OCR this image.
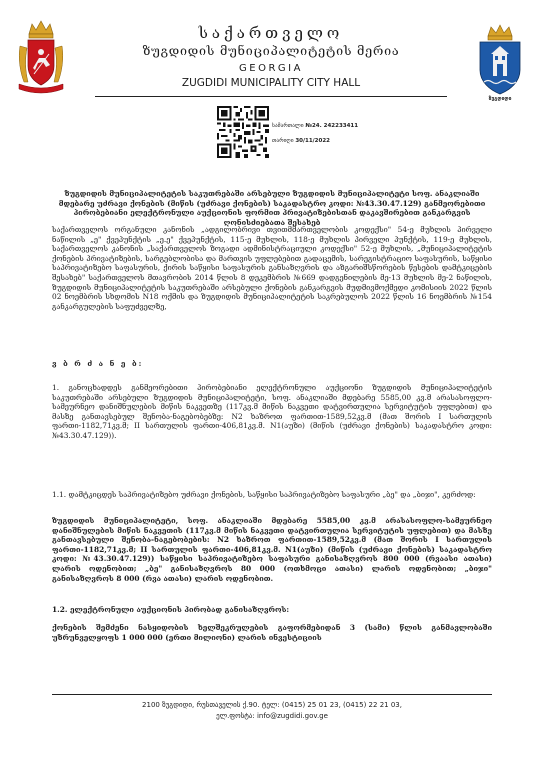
ზუგდიდი
საქართველო
ზუგდიდის მუნიციპალიტეტის მერია
GEORGIA
ZUGDIDI MUNICIPALITY CITY HALL
სამართალი №24. 242233411
თარიღი 30/11/2022

ზუგდიდის მუნიციპალიტეტის საკუთრებაში არსებული ზუგდიდის მუნიციპალიტეტი სოფ. ანაკლიაში მდებარე უძრავი ქონების (მიწის (უძრავი ქონების) საკადასტრო კოდი: №43.30.47.129) განმეორებითი პირობებიანი ელექტრონული აუქციონის ფორმით პრივატიზებისთან დაკავშირებით განკარგვის ღონისძიებათა შესახებ

საქართველოს ორგანული კანონის „ადგილობრივი თვითმმართველობის კოდექსი" 54-ე მუხლის პირველი ნაწილის „ე" ქვეპუნქტის „ე.ე" ქვეპუნქტის, 115-ე მუხლის, 118-ე მუხლის პირველი პუნქტის, 119-ე მუხლის, საქართველოს კანონის „საქართველოს ზოგადი ადმინისტრაციული კოდექსი" 52-ე მუხლის, „მუნიციპალიტეტის ქონების პრივატიზების, სარგებლობისა და მართვის უფლებებით გადაცემის, სარეგისტრაციო საფასურის, საწყისი საპრივატიზებო საფასურის, ქირის საწყისი საფასურის განსაზღვრის და აზგარიშსწორების წესების დამტკიცების შესახებ" საქართველოს მთავრობის 2014 წლის 8 დეკემბრის №669 დადგენილების მე-13 მუხლის მე-2 ნაწილის, ზუგდიდის მუნიციპალიტეტის საკუთრებაში არსებული ქონების განკარგვის მუდმივმოქმედი კომისიის 2022 წლის 02 ნოემბრის სხდომის N18 ოქმის და ზუგდიდის მუნიციპალიტეტის საკრებულოს 2022 წლის 16 ნოემბრის №154 განკარგულების საფუძველზე,

ვ ბ რ ძ ა ნ ე ბ:

1. განოცხადდეს განმეორებითი პირობებიანი ელექტრონული აუქციონი ზუგდიდის მუნიციპალიტეტის საკუთრებაში არსებული ზუგდიდის მუნიციპალიტეტი, სოფ. ანაკლიაში მდებარე 5585,00 კვ.მ არასასოფლო-სამეურნეო დანიშნულების მიწის ნაკვეთზე (117კვ.მ მიწის ნაკვეთი დატვირთულია სერვიტუტის უფლებით) და მასზე განთავსებულ შენობა-ნაგებობებზე: N2 ხაზროთ ფართით-1589,52კვ.მ (მათ შორის I სართულის ფართი-1182,71კვ.მ; II სართულის ფართი-406,81კვ.მ. N1(აუზი) (მიწის (უძრავი ქონების) საკადასტრო კოდი: №43.30.47.129)).

1.1. დამტკიცდეს საპრივატიზებო უძრავი ქონების, საწყისი საპრივატიზებო საფასური „ბე" და „ბიჯი", კერძოდ:

ზუგდიდის მუნიციპალიტეტი, სოფ. ანაკლიაში მდებარე 5585,00 კვ.მ არასასოფლო-სამეურნეო დანიშნულების მიწის ნაკვეთის (117კვ.მ მიწის ნაკვეთი დატვირთულია სერვიტუტის უფლებით) და მასზე განთავსებული შენობა-ნაგებობების: N2 ხაზროთ ფართით-1589,52კვ.მ (მათ შორის I სართულის ფართი-1182,71კვ.მ; II სართულის ფართი-406,81კვ.მ. N1(აუზი) (მიწის (უძრავი ქონების) საკადასტრო კოდი: №43.30.47.129)) საწყისი საპრივატიზებო საფასური განისაზღვროს 800 000 (რვაასი ათასი) ლარის ოდენობით; „ბე" განისაზღვროს 80 000 (ოთხმოცი ათასი) ლარის ოდენობით; „ბიჯი" განისაზღვროს 8 000 (რვა ათასი) ლარის ოდენობით.

1.2. ელექტრონული აუქციონის პირობად განისაზღვროს:

ქონების შემძენი ნასყიდობის ხელშეკრულების გაფორმებიდან 3 (სამი) წლის განმავლობაში უზრუნველყოფს 1 000 000 (ერთი მილიონი) ლარის ინვესტიციის

2100 ზუგდიდი, რუსთაველის ქ.90. ტელ: (0415) 25 01 23, (0415) 22 21 03,
ელ.ფოსტა: info@zugdidi.gov.ge
